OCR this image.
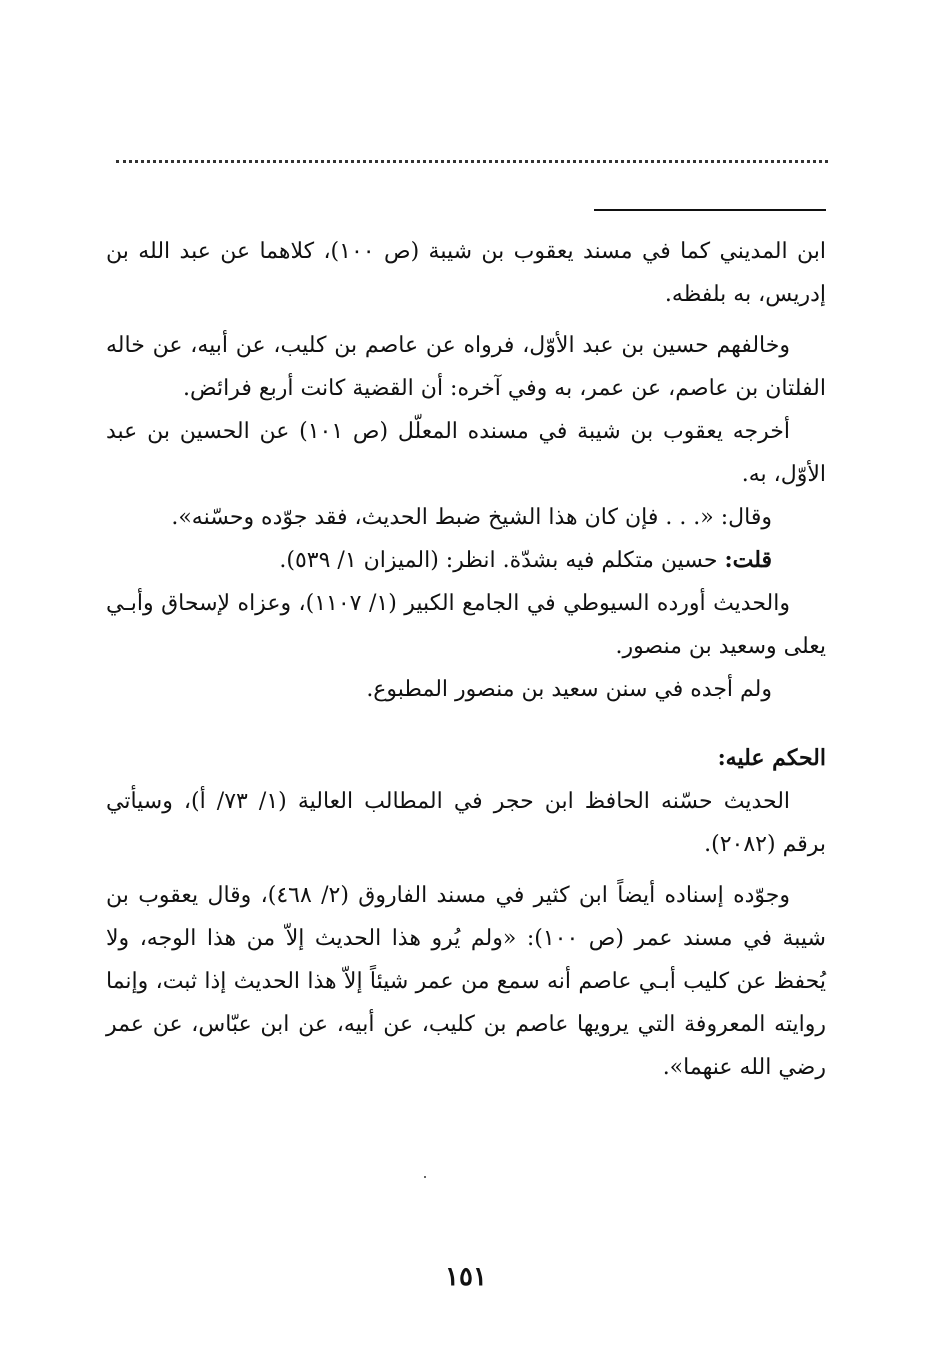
ابن المديني كما في مسند يعقوب بن شيبة (ص ١٠٠)، كلاهما عن عبد الله بن إدريس، به بلفظه.

وخالفهم حسين بن عبد الأوّل، فرواه عن عاصم بن كليب، عن أبيه، عن خاله الفلتان بن عاصم، عن عمر، به وفي آخره: أن القضية كانت أربع فرائض.

أخرجه يعقوب بن شيبة في مسنده المعلّل (ص ١٠١) عن الحسين بن عبد الأوّل، به.

وقال: «. . . فإن كان هذا الشيخ ضبط الحديث، فقد جوّده وحسّنه».

قلت: حسين متكلم فيه بشدّة. انظر: (الميزان ١/ ٥٣٩).

والحديث أورده السيوطي في الجامع الكبير (١/ ١١٠٧)، وعزاه لإسحاق وأبـي يعلى وسعيد بن منصور.

ولم أجده في سنن سعيد بن منصور المطبوع.

الحكم عليه:

الحديث حسّنه الحافظ ابن حجر في المطالب العالية (١/ ٧٣/ أ)، وسيأتي برقم (٢٠٨٢).

وجوّده إسناده أيضاً ابن كثير في مسند الفاروق (٢/ ٤٦٨)، وقال يعقوب بن شيبة في مسند عمر (ص ١٠٠): «ولم يُرو هذا الحديث إلاّ من هذا الوجه، ولا يُحفظ عن كليب أبـي عاصم أنه سمع من عمر شيئاً إلاّ هذا الحديث إذا ثبت، وإنما روايته المعروفة التي يرويها عاصم بن كليب، عن أبيه، عن ابن عبّاس، عن عمر رضي الله عنهما».

١٥١
